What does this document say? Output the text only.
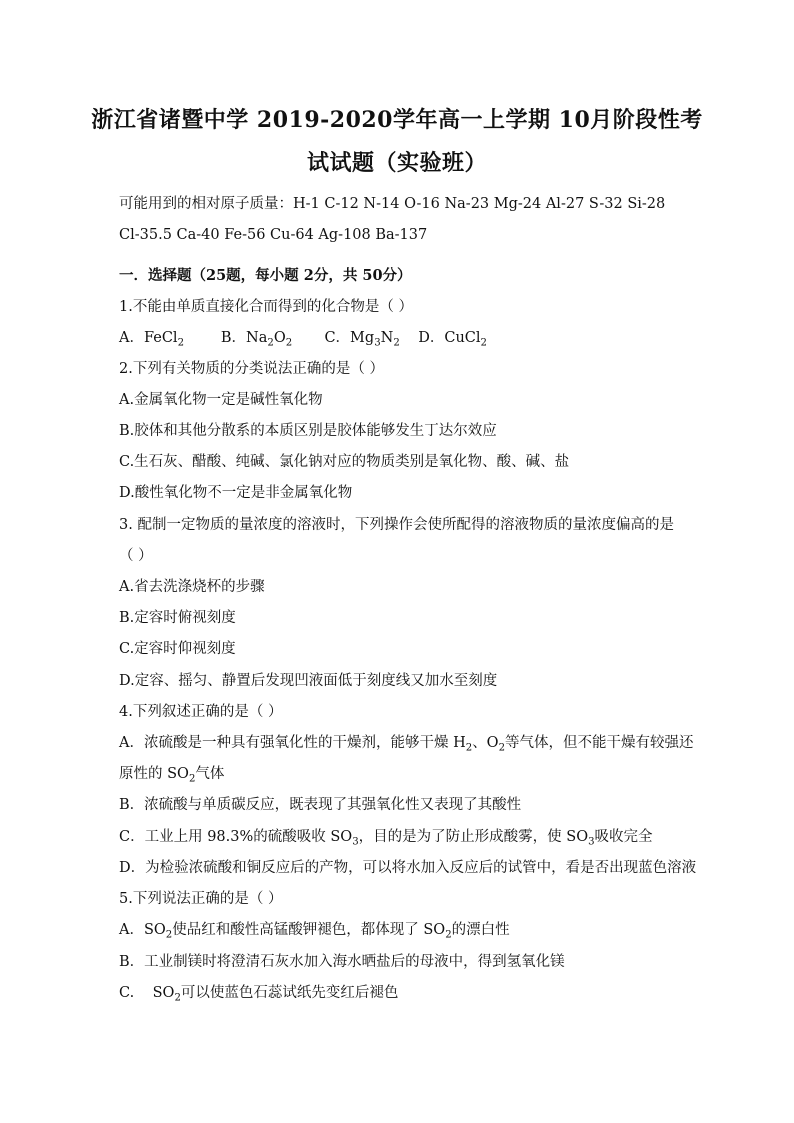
浙江省诸暨中学 2019-2020学年高一上学期 10月阶段性考
试试题（实验班）
可能用到的相对原子质量：H-1 C-12 N-14 O-16 Na-23 Mg-24 Al-27 S-32 Si-28
Cl-35.5 Ca-40 Fe-56 Cu-64 Ag-108 Ba-137
一．选择题（25题，每小题 2分，共 50分）
1.不能由单质直接化合而得到的化合物是（ ）
A．FeCl$_2$	B．$Na_2O_2$ C．$Mg_3N_2$ D．CuCl$_2$
2.下列有关物质的分类说法正确的是（ ）
A.金属氧化物一定是碱性氧化物
B.胶体和其他分散系的本质区别是胶体能够发生丁达尔效应
C.生石灰、醋酸、纯碱、氯化钠对应的物质类别是氧化物、酸、碱、盐
D.酸性氧化物不一定是非金属氧化物
3. 配制一定物质的量浓度的溶液时，下列操作会使所配得的溶液物质的量浓度偏高的是
（ ）
A.省去洗涤烧杯的步骤
B.定容时俯视刻度
C.定容时仰视刻度
D.定容、摇匀、静置后发现凹液面低于刻度线又加水至刻度
4.下列叙述正确的是（ ）
A．浓硫酸是一种具有强氧化性的干燥剂，能够干燥 $H_2$、$O_2$等气体，但不能干燥有较强还
原性的 $SO_2$气体
B．浓硫酸与单质碳反应，既表现了其强氧化性又表现了其酸性
C．工业上用 98.3%的硫酸吸收 $SO_3$，目的是为了防止形成酸雾，使 $SO_3$吸收完全
D．为检验浓硫酸和铜反应后的产物，可以将水加入反应后的试管中，看是否出现蓝色溶液
5.下列说法正确的是（ ）
A．$SO_2$使品红和酸性高锰酸钾褪色，都体现了 $SO_2$的漂白性
B．工业制镁时将澄清石灰水加入海水晒盐后的母液中，得到氢氧化镁
C.    $SO_2$可以使蓝色石蕊试纸先变红后褪色
